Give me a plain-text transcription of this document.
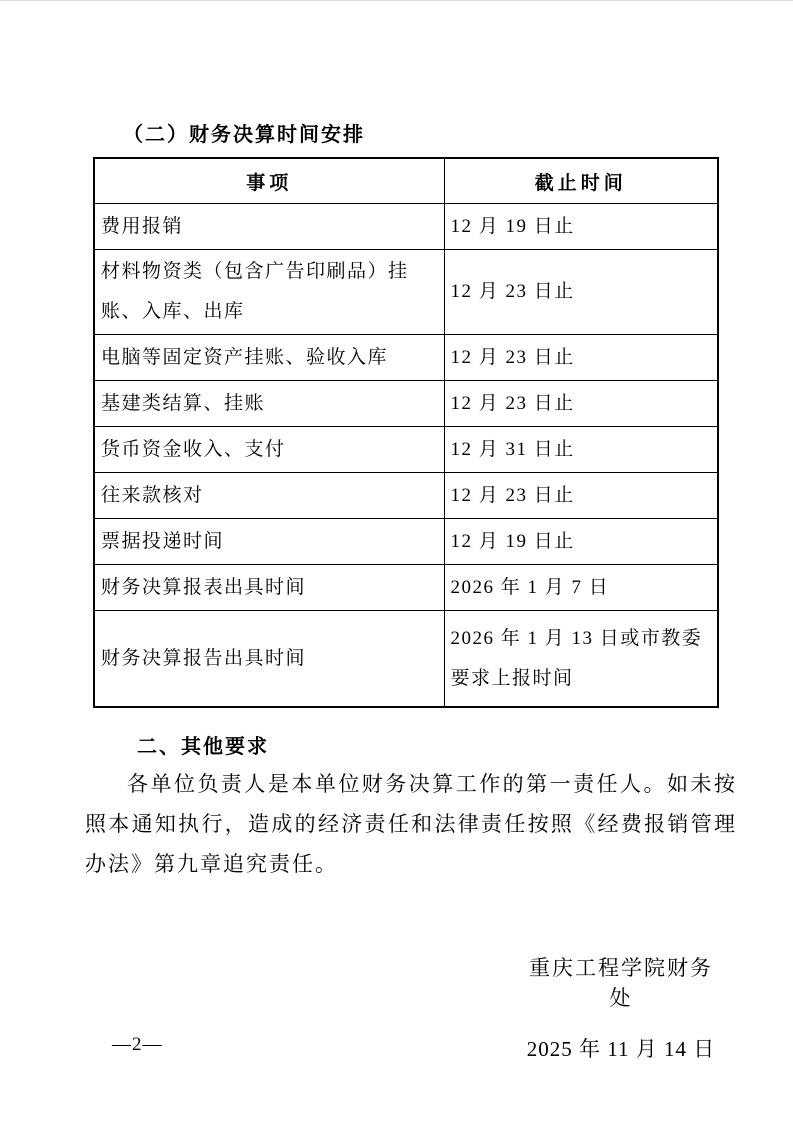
（二）财务决算时间安排
事项	截止时间
费用报销	12 月 19 日止
材料物资类（包含广告印刷品）挂账、入库、出库	12 月 23 日止
电脑等固定资产挂账、验收入库	12 月 23 日止
基建类结算、挂账	12 月 23 日止
货币资金收入、支付	12 月 31 日止
往来款核对	12 月 23 日止
票据投递时间	12 月 19 日止
财务决算报表出具时间	2026 年 1 月 7 日
财务决算报告出具时间	2026 年 1 月 13 日或市教委要求上报时间
二、其他要求

各单位负责人是本单位财务决算工作的第一责任人。如未按照本通知执行，造成的经济责任和法律责任按照《经费报销管理办法》第九章追究责任。

重庆工程学院财务处
2025 年 11 月 14 日
—2—
